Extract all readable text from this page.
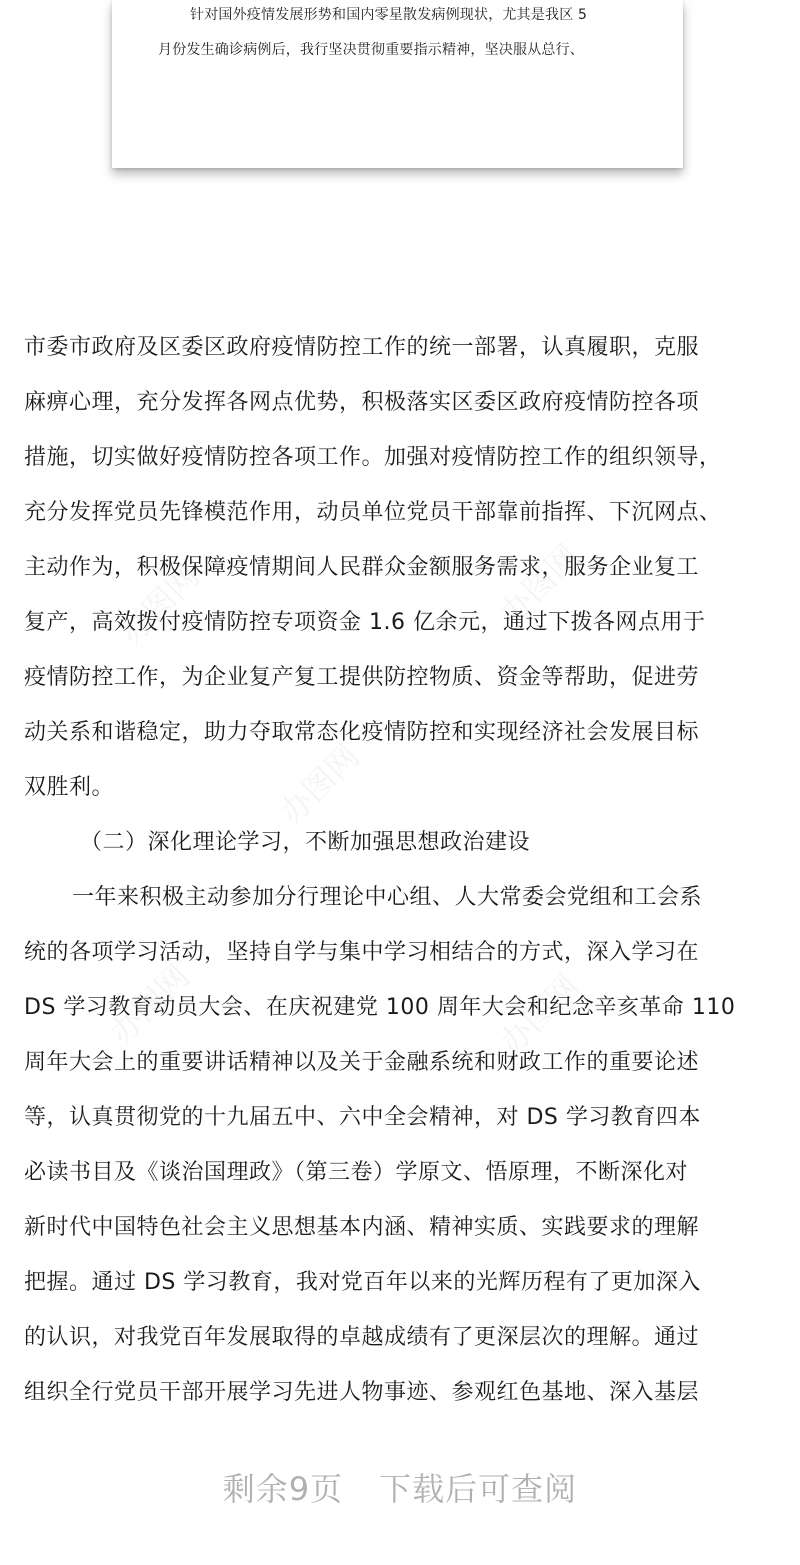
针对国外疫情发展形势和国内零星散发病例现状，尤其是我区 5
月份发生确诊病例后，我行坚决贯彻重要指示精神，坚决服从总行、
办图网
办图网
办图网
办图网	办图网
市委市政府及区委区政府疫情防控工作的统一部署，认真履职，克服
麻痹心理，充分发挥各网点优势，积极落实区委区政府疫情防控各项
措施，切实做好疫情防控各项工作。加强对疫情防控工作的组织领导，
充分发挥党员先锋模范作用，动员单位党员干部靠前指挥、下沉网点、
主动作为，积极保障疫情期间人民群众金额服务需求，服务企业复工
复产，高效拨付疫情防控专项资金 1.6 亿余元，通过下拨各网点用于
疫情防控工作，为企业复产复工提供防控物质、资金等帮助，促进劳
动关系和谐稳定，助力夺取常态化疫情防控和实现经济社会发展目标
双胜利。
（二）深化理论学习，不断加强思想政治建设
一年来积极主动参加分行理论中心组、人大常委会党组和工会系
统的各项学习活动，坚持自学与集中学习相结合的方式，深入学习在
DS 学习教育动员大会、在庆祝建党 100 周年大会和纪念辛亥革命 110
周年大会上的重要讲话精神以及关于金融系统和财政工作的重要论述
等，认真贯彻党的十九届五中、六中全会精神，对 DS 学习教育四本
必读书目及《谈治国理政》（第三卷）学原文、悟原理，不断深化对
新时代中国特色社会主义思想基本内涵、精神实质、实践要求的理解
把握。通过 DS 学习教育，我对党百年以来的光辉历程有了更加深入
的认识，对我党百年发展取得的卓越成绩有了更深层次的理解。通过
组织全行党员干部开展学习先进人物事迹、参观红色基地、深入基层
剩余9页 下载后可查阅
